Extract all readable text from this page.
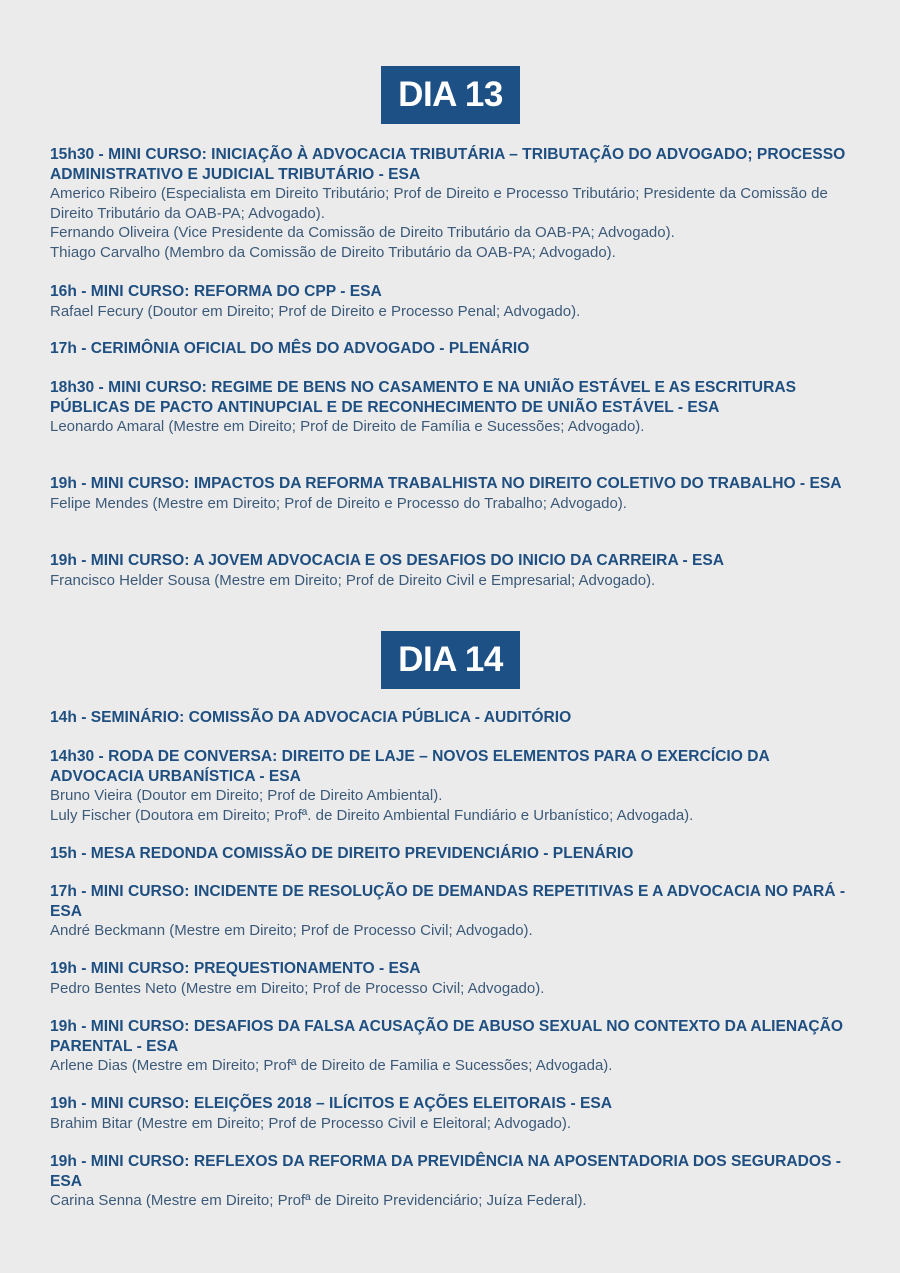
DIA 13

15h30 - MINI CURSO: INICIAÇÃO À ADVOCACIA TRIBUTÁRIA – TRIBUTAÇÃO DO ADVOGADO; PROCESSO ADMINISTRATIVO E JUDICIAL TRIBUTÁRIO - ESA

Americo Ribeiro (Especialista em Direito Tributário; Prof de Direito e Processo Tributário; Presidente da Comissão de Direito Tributário da OAB-PA; Advogado).

Fernando Oliveira (Vice Presidente da Comissão de Direito Tributário da OAB-PA; Advogado).

Thiago Carvalho (Membro da Comissão de Direito Tributário da OAB-PA; Advogado).

16h - MINI CURSO: REFORMA DO CPP - ESA

Rafael Fecury (Doutor em Direito; Prof de Direito e Processo Penal; Advogado).

17h - CERIMÔNIA OFICIAL DO MÊS DO ADVOGADO - PLENÁRIO

18h30 - MINI CURSO: REGIME DE BENS NO CASAMENTO E NA UNIÃO ESTÁVEL E AS ESCRITURAS PÚBLICAS DE PACTO ANTINUPCIAL E DE RECONHECIMENTO DE UNIÃO ESTÁVEL - ESA

Leonardo Amaral (Mestre em Direito; Prof de Direito de Família e Sucessões; Advogado).

19h - MINI CURSO: IMPACTOS DA REFORMA TRABALHISTA NO DIREITO COLETIVO DO TRABALHO - ESA

Felipe Mendes (Mestre em Direito; Prof de Direito e Processo do Trabalho; Advogado).

19h - MINI CURSO: A JOVEM ADVOCACIA E OS DESAFIOS DO INICIO DA CARREIRA - ESA

Francisco Helder Sousa (Mestre em Direito; Prof de Direito Civil e Empresarial; Advogado).

DIA 14

14h - SEMINÁRIO: COMISSÃO DA ADVOCACIA PÚBLICA - AUDITÓRIO

14h30 - RODA DE CONVERSA: DIREITO DE LAJE – NOVOS ELEMENTOS PARA O EXERCÍCIO DA ADVOCACIA URBANÍSTICA - ESA

Bruno Vieira (Doutor em Direito; Prof de Direito Ambiental).

Luly Fischer (Doutora em Direito; Profª. de Direito Ambiental Fundiário e Urbanístico; Advogada).

15h - MESA REDONDA COMISSÃO DE DIREITO PREVIDENCIÁRIO - PLENÁRIO

17h - MINI CURSO: INCIDENTE DE RESOLUÇÃO DE DEMANDAS REPETITIVAS E A ADVOCACIA NO PARÁ - ESA

André Beckmann (Mestre em Direito; Prof de Processo Civil; Advogado).

19h - MINI CURSO: PREQUESTIONAMENTO - ESA

Pedro Bentes Neto (Mestre em Direito; Prof de Processo Civil; Advogado).

19h - MINI CURSO: DESAFIOS DA FALSA ACUSAÇÃO DE ABUSO SEXUAL NO CONTEXTO DA ALIENAÇÃO PARENTAL - ESA

Arlene Dias (Mestre em Direito; Profª de Direito de Familia e Sucessões; Advogada).

19h - MINI CURSO: ELEIÇÕES 2018 – ILÍCITOS E AÇÕES ELEITORAIS - ESA

Brahim Bitar (Mestre em Direito; Prof de Processo Civil e Eleitoral; Advogado).

19h - MINI CURSO: REFLEXOS DA REFORMA DA PREVIDÊNCIA NA APOSENTADORIA DOS SEGURADOS - ESA

Carina Senna (Mestre em Direito; Profª de Direito Previdenciário; Juíza Federal).
